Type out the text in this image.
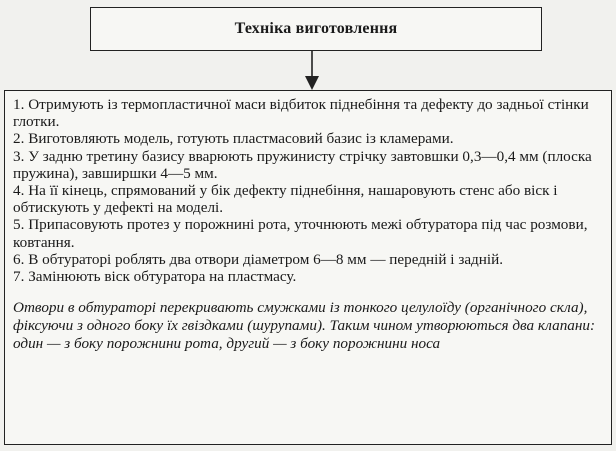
Техніка виготовлення
1. Отримують із термопластичної маси відбиток піднебіння та дефекту до задньої стінки глотки.
2. Виготовляють модель, готують пластмасовий базис із кламерами.
3. У задню третину базису вварюють пружинисту стрічку завтовшки 0,3—0,4 мм (плоска пружина), завширшки 4—5 мм.
4. На її кінець, спрямований у бік дефекту піднебіння, нашаровують стенс або віск і обтискують у дефекті на моделі.
5. Припасовують протез у порожнині рота, уточнюють межі обтуратора під час розмови, ковтання.
6. В обтураторі роблять два отвори діаметром 6—8 мм — передній і задній.
7. Замінюють віск обтуратора на пластмасу.

Отвори в обтураторі перекривають смужками із тонкого целулоїду (органічного скла), фіксуючи з одного боку їх гвіздками (шурупами). Таким чином утворюються два клапани: один — з боку порожнини рота, другий — з боку порожнини носа
